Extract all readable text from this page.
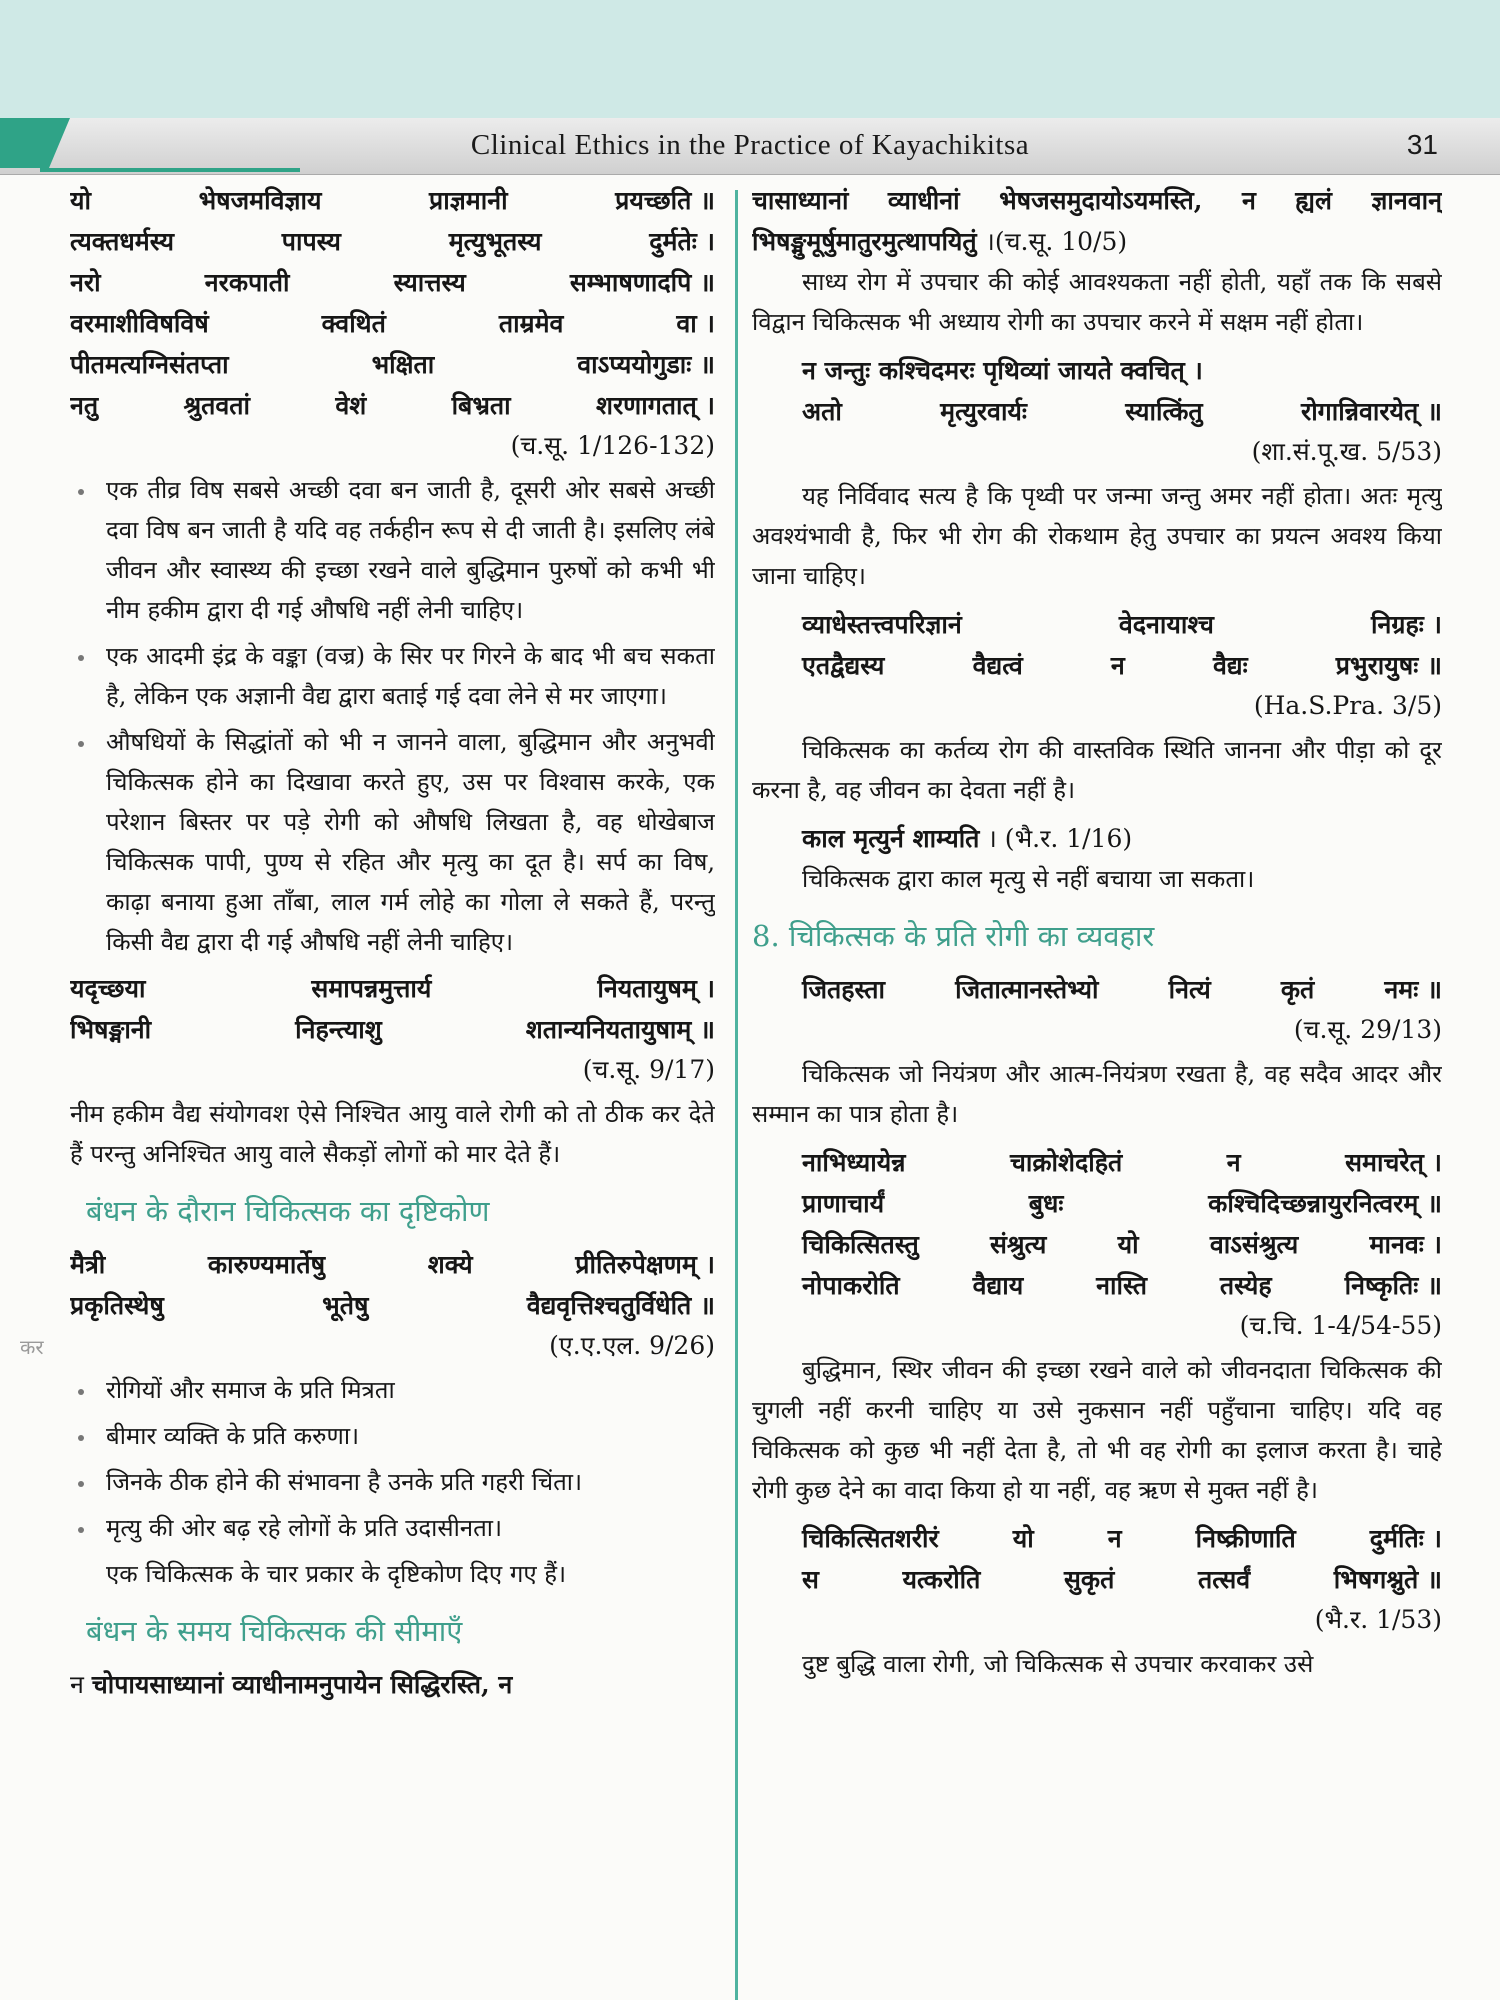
Clinical Ethics in the Practice of Kayachikitsa	31
कर
यो	भेषजमविज्ञाय	प्राज्ञमानी	प्रयच्छति ॥
त्यक्तधर्मस्य	पापस्य	मृत्युभूतस्य	दुर्मतेः ।
नरो	नरकपाती	स्यात्तस्य	सम्भाषणादपि ॥
वरमाशीविषविषं	क्वथितं	ताम्रमेव	वा ।
पीतमत्यग्निसंतप्ता	भक्षिता	वाऽप्ययोगुडाः ॥
नतु	श्रुतवतां	वेशं	बिभ्रता	शरणागतात् ।
(च.सू. 1/126-132)
एक तीव्र विष सबसे अच्छी दवा बन जाती है, दूसरी ओर सबसे अच्छी दवा विष बन जाती है यदि वह तर्कहीन रूप से दी जाती है। इसलिए लंबे जीवन और स्वास्थ्य की इच्छा रखने वाले बुद्धिमान पुरुषों को कभी भी नीम हकीम द्वारा दी गई औषधि नहीं लेनी चाहिए।
एक आदमी इंद्र के वङ्का (वज्र) के सिर पर गिरने के बाद भी बच सकता है, लेकिन एक अज्ञानी वैद्य द्वारा बताई गई दवा लेने से मर जाएगा।
औषधियों के सिद्धांतों को भी न जानने वाला, बुद्धिमान और अनुभवी चिकित्सक होने का दिखावा करते हुए, उस पर विश्वास करके, एक परेशान बिस्तर पर पड़े रोगी को औषधि लिखता है, वह धोखेबाज चिकित्सक पापी, पुण्य से रहित और मृत्यु का दूत है। सर्प का विष, काढ़ा बनाया हुआ ताँबा, लाल गर्म लोहे का गोला ले सकते हैं, परन्तु किसी वैद्य द्वारा दी गई औषधि नहीं लेनी चाहिए।
यदृच्छया	समापन्नमुत्तार्य	नियतायुषम् ।
भिषङ्मानी	निहन्त्याशु	शतान्यनियतायुषाम् ॥
(च.सू. 9/17)

नीम हकीम वैद्य संयोगवश ऐसे निश्चित आयु वाले रोगी को तो ठीक कर देते हैं परन्तु अनिश्चित आयु वाले सैकड़ों लोगों को मार देते हैं।

बंधन के दौरान चिकित्सक का दृष्टिकोण
मैत्री	कारुण्यमार्तेषु	शक्ये	प्रीतिरुपेक्षणम् ।
प्रकृतिस्थेषु	भूतेषु	वैद्यवृत्तिश्चतुर्विधेति ॥
(ए.ए.एल. 9/26)
रोगियों और समाज के प्रति मित्रता
बीमार व्यक्ति के प्रति करुणा।
जिनके ठीक होने की संभावना है उनके प्रति गहरी चिंता।
मृत्यु की ओर बढ़ रहे लोगों के प्रति उदासीनता।

एक चिकित्सक के चार प्रकार के दृष्टिकोण दिए गए हैं।

बंधन के समय चिकित्सक की सीमाएँ

न चोपायसाध्यानां व्याधीनामनुपायेन सिद्धिरस्ति, न

चासाध्यानां व्याधीनां भेषजसमुदायोऽयमस्ति, न ह्यलं ज्ञानवान् भिषङ्मुमूर्षुमातुरमुत्थापयितुं ।(च.सू. 10/5)

साध्य रोग में उपचार की कोई आवश्यकता नहीं होती, यहाँ तक कि सबसे विद्वान चिकित्सक भी अध्याय रोगी का उपचार करने में सक्षम नहीं होता।

न जन्तुः कश्चिदमरः पृथिव्यां जायते क्वचित् ।
अतो	मृत्युरवार्यः	स्यात्किंतु	रोगान्निवारयेत् ॥
(शा.सं.पू.ख. 5/53)

यह निर्विवाद सत्य है कि पृथ्वी पर जन्मा जन्तु अमर नहीं होता। अतः मृत्यु अवश्यंभावी है, फिर भी रोग की रोकथाम हेतु उपचार का प्रयत्न अवश्य किया जाना चाहिए।

व्याधेस्तत्त्वपरिज्ञानं	वेदनायाश्च	निग्रहः ।
एतद्वैद्यस्य	वैद्यत्वं	न	वैद्यः	प्रभुरायुषः ॥
(Ha.S.Pra. 3/5)

चिकित्सक का कर्तव्य रोग की वास्तविक स्थिति जानना और पीड़ा को दूर करना है, वह जीवन का देवता नहीं है।

काल मृत्युर्न शाम्यति । (भै.र. 1/16)

चिकित्सक द्वारा काल मृत्यु से नहीं बचाया जा सकता।

8. चिकित्सक के प्रति रोगी का व्यवहार
जितहस्ता	जितात्मानस्तेभ्यो	नित्यं	कृतं	नमः ॥
(च.सू. 29/13)

चिकित्सक जो नियंत्रण और आत्म-नियंत्रण रखता है, वह सदैव आदर और सम्मान का पात्र होता है।

नाभिध्यायेन्न	चाक्रोशेदहितं	न	समाचरेत् ।
प्राणाचार्यं	बुधः	कश्चिदिच्छन्नायुरनित्वरम् ॥
चिकित्सितस्तु	संश्रुत्य	यो	वाऽसंश्रुत्य	मानवः ।
नोपाकरोति	वैद्याय	नास्ति	तस्येह	निष्कृतिः ॥
(च.चि. 1-4/54-55)

बुद्धिमान, स्थिर जीवन की इच्छा रखने वाले को जीवनदाता चिकित्सक की चुगली नहीं करनी चाहिए या उसे नुकसान नहीं पहुँचाना चाहिए। यदि वह चिकित्सक को कुछ भी नहीं देता है, तो भी वह रोगी का इलाज करता है। चाहे रोगी कुछ देने का वादा किया हो या नहीं, वह ऋण से मुक्त नहीं है।

चिकित्सितशरीरं	यो	न	निष्क्रीणाति	दुर्मतिः ।
स	यत्करोति	सुकृतं	तत्सर्वं	भिषगश्नुते ॥
(भै.र. 1/53)

दुष्ट बुद्धि वाला रोगी, जो चिकित्सक से उपचार करवाकर उसे
